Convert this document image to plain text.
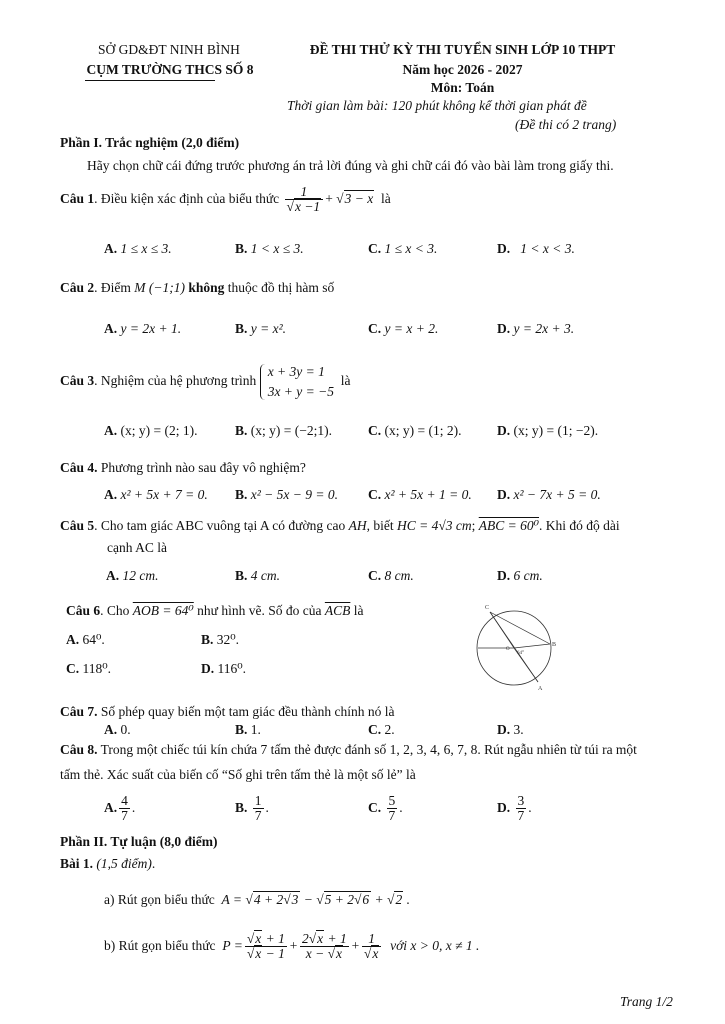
SỞ GD&ĐT NINH BÌNH
CỤM TRƯỜNG THCS SỐ 8
ĐỀ THI THỬ KỲ THI TUYỂN SINH LỚP 10 THPT
Năm học 2026 - 2027
Môn: Toán
Thời gian làm bài: 120 phút không kể thời gian phát đề
(Đề thi có 2 trang)
Phần I. Trắc nghiệm (2,0 điểm)
Hãy chọn chữ cái đứng trước phương án trả lời đúng và ghi chữ cái đó vào bài làm trong giấy thi.
Câu 1. Điều kiện xác định của biểu thức $\frac{1}{√x -1} + √3 - x$ là
A. 1 ≤ x ≤ 3.	B. 1 < x ≤ 3.	C. 1 ≤ x < 3.	D. 1 < x < 3.
Câu 2. Điểm M (−1;1) không thuộc đồ thị hàm số
A. y = 2x + 1.	B. y = x².	C. y = x + 2.	D. y = 2x + 3.
Câu 3. Nghiệm của hệ phương trình
x + 3y = 1
3x + y = −5
là
A. (x; y) = (2; 1).	B. (x; y) = (−2;1).	C. (x; y) = (1; 2).	D. (x; y) = (1; −2).
Câu 4. Phương trình nào sau đây vô nghiệm?
A. x² + 5x + 7 = 0. B. x² − 5x − 9 = 0. C. x² + 5x + 1 = 0. D. x² − 7x + 5 = 0.
Câu 5. Cho tam giác ABC vuông tại A có đường cao AH, biết HC = 4√3 cm; ABC = 60⁰. Khi đó độ dài
cạnh AC là
A. 12 cm.	B. 4 cm.	C. 8 cm.	D. 6 cm.
Câu 6. Cho AOB = 64⁰ như hình vẽ. Số đo của $\overline{ACB}$ là
A. 64⁰.	B. 32⁰.
C. 118⁰.	D. 116⁰.
C
B
A
O
64°
Câu 7. Số phép quay biến một tam giác đều thành chính nó là
A. 0.	B. 1.	C. 2.	D. 3.
Câu 8. Trong một chiếc túi kín chứa 7 tấm thẻ được đánh số 1, 2, 3, 4, 6, 7, 8. Rút ngẫu nhiên từ túi ra một
tấm thẻ. Xác suất của biến cố “Số ghi trên tấm thẻ là một số lẻ” là
A. $\frac{4}{7}$ .	B. $\frac{1}{7}$ .	C. $\frac{5}{7}$ .	D. $\frac{3}{7}$ .
Phần II. Tự luận (8,0 điểm)
Bài 1. (1,5 điểm).
a) Rút gọn biểu thức A = √4 + 2√3 − √5 + 2√6 + √2 .
b) Rút gọn biểu thức $P = \frac{√x + 1}{√x - 1} + \frac{2√x + 1}{x - √x} + \frac{1}{√x}$ với x > 0, x ≠ 1 .
Trang 1/2
